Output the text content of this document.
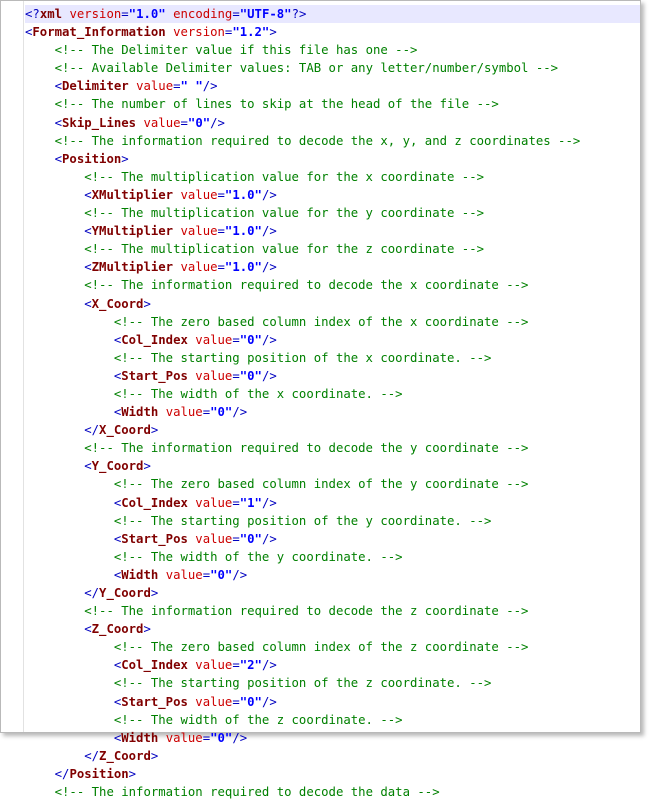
<?xml version="1.0" encoding="UTF-8"?>
<Format_Information version="1.2">
<!-- The Delimiter value if this file has one -->
<!-- Available Delimiter values: TAB or any letter/number/symbol -->
<Delimiter value=" "/>
<!-- The number of lines to skip at the head of the file -->
<Skip_Lines value="0"/>
<!-- The information required to decode the x, y, and z coordinates -->
<Position>
<!-- The multiplication value for the x coordinate -->
<XMultiplier value="1.0"/>
<!-- The multiplication value for the y coordinate -->
<YMultiplier value="1.0"/>
<!-- The multiplication value for the z coordinate -->
<ZMultiplier value="1.0"/>
<!-- The information required to decode the x coordinate -->
<X_Coord>
<!-- The zero based column index of the x coordinate -->
<Col_Index value="0"/>
<!-- The starting position of the x coordinate. -->
<Start_Pos value="0"/>
<!-- The width of the x coordinate. -->
<Width value="0"/>
</X_Coord>
<!-- The information required to decode the y coordinate -->
<Y_Coord>
<!-- The zero based column index of the y coordinate -->
<Col_Index value="1"/>
<!-- The starting position of the y coordinate. -->
<Start_Pos value="0"/>
<!-- The width of the y coordinate. -->
<Width value="0"/>
</Y_Coord>
<!-- The information required to decode the z coordinate -->
<Z_Coord>
<!-- The zero based column index of the z coordinate -->
<Col_Index value="2"/>
<!-- The starting position of the z coordinate. -->
<Start_Pos value="0"/>
<!-- The width of the z coordinate. -->
<Width value="0"/>
</Z_Coord>
</Position>
<!-- The information required to decode the data -->
